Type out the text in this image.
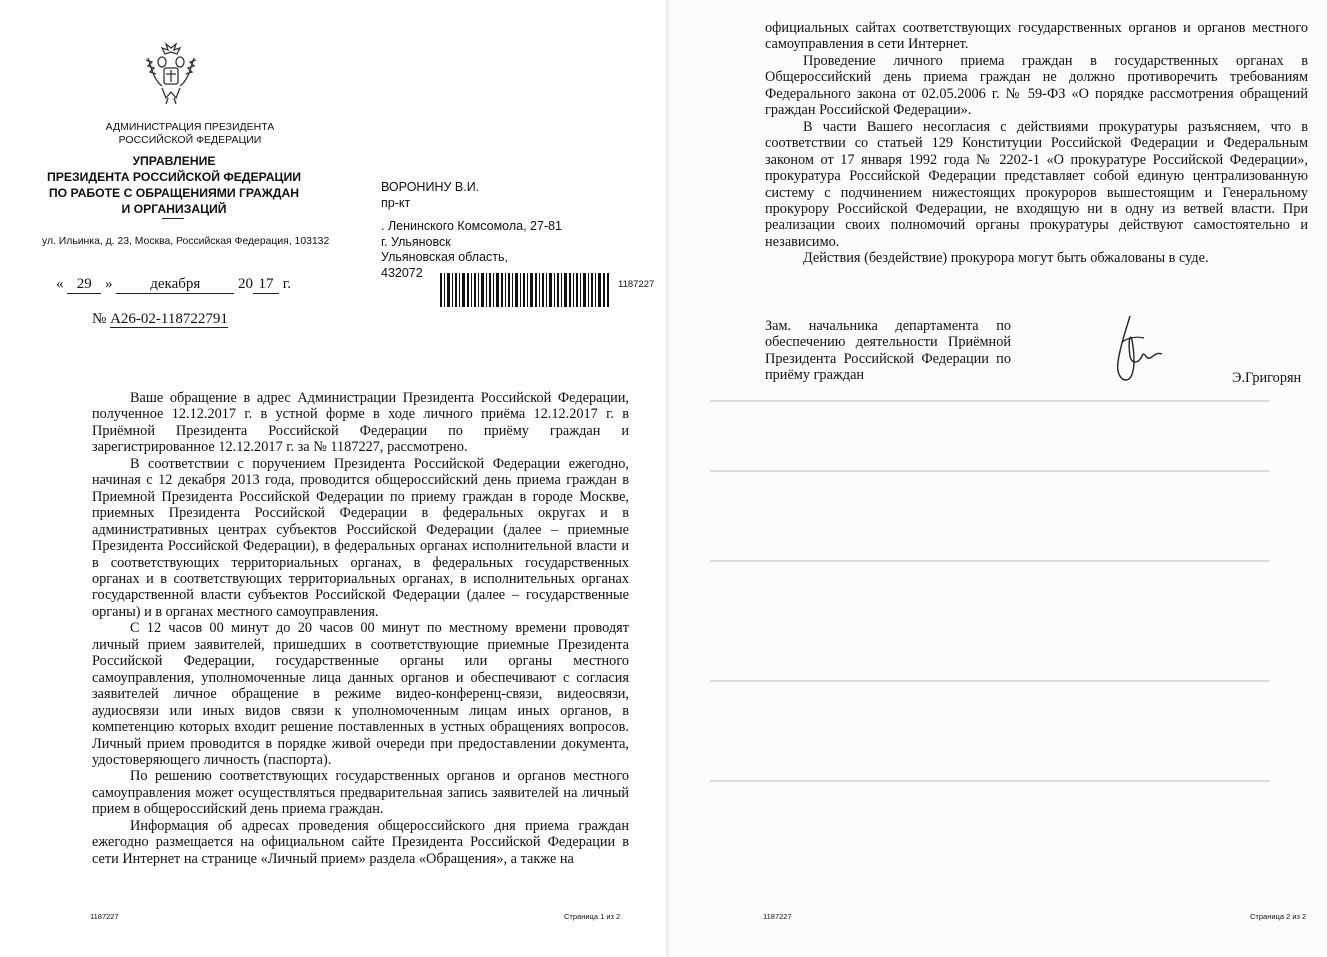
АДМИНИСТРАЦИЯ ПРЕЗИДЕНТА
РОССИЙСКОЙ ФЕДЕРАЦИИ
УПРАВЛЕНИЕ
ПРЕЗИДЕНТА РОССИЙСКОЙ ФЕДЕРАЦИИ
ПО РАБОТЕ С ОБРАЩЕНИЯМИ ГРАЖДАН
И ОРГАНИЗАЦИЙ
ул. Ильинка, д. 23, Москва, Российская Федерация, 103132
ВОРОНИНУ В.И.
пр-кт
. Ленинского Комсомола, 27-81
г. Ульяновск
Ульяновская область,
432072
« 29 »	декабря	20 17 г.
№ А26-02-118722791
1187227

Ваше обращение в адрес Администрации Президента Российской Федерации, полученное 12.12.2017 г. в устной форме в ходе личного приёма 12.12.2017 г. в Приёмной Президента Российской Федерации по приёму граждан и зарегистрированное 12.12.2017 г. за № 1187227, рассмотрено.

В соответствии с поручением Президента Российской Федерации ежегодно, начиная с 12 декабря 2013 года, проводится общероссийский день приема граждан в Приемной Президента Российской Федерации по приему граждан в городе Москве, приемных Президента Российской Федерации в федеральных округах и в административных центрах субъектов Российской Федерации (далее – приемные Президента Российской Федерации), в федеральных органах исполнительной власти и в соответствующих территориальных органах, в федеральных государственных органах и в соответствующих территориальных органах, в исполнительных органах государственной власти субъектов Российской Федерации (далее – государственные органы) и в органах местного самоуправления.

С 12 часов 00 минут до 20 часов 00 минут по местному времени проводят личный прием заявителей, пришедших в соответствующие приемные Президента Российской Федерации, государственные органы или органы местного самоуправления, уполномоченные лица данных органов и обеспечивают с согласия заявителей личное обращение в режиме видео-конференц-связи, видеосвязи, аудиосвязи или иных видов связи к уполномоченным лицам иных органов, в компетенцию которых входит решение поставленных в устных обращениях вопросов. Личный прием проводится в порядке живой очереди при предоставлении документа, удостоверяющего личность (паспорта).

По решению соответствующих государственных органов и органов местного самоуправления может осуществляться предварительная запись заявителей на личный прием в общероссийский день приема граждан.

Информация об адресах проведения общероссийского дня приема граждан ежегодно размещается на официальном сайте Президента Российской Федерации в сети Интернет на странице «Личный прием» раздела «Обращения», а также на

1187227	Страница 1 из 2

официальных сайтах соответствующих государственных органов и органов местного самоуправления в сети Интернет.

Проведение личного приема граждан в государственных органах в Общероссийский день приема граждан не должно противоречить требованиям Федерального закона от 02.05.2006 г. № 59-ФЗ «О порядке рассмотрения обращений граждан Российской Федерации».

В части Вашего несогласия с действиями прокуратуры разъясняем, что в соответствии со статьей 129 Конституции Российской Федерации и Федеральным законом от 17 января 1992 года № 2202-1 «О прокуратуре Российской Федерации», прокуратура Российской Федерации представляет собой единую централизованную систему с подчинением нижестоящих прокуроров вышестоящим и Генеральному прокурору Российской Федерации, не входящую ни в одну из ветвей власти. При реализации своих полномочий органы прокуратуры действуют самостоятельно и независимо.

Действия (бездействие) прокурора могут быть обжалованы в суде.

Зам. начальника департамента по
обеспечению деятельности Приёмной
Президента Российской Федерации по
приёму граждан	Э.Григорян
1187227	Страница 2 из 2
